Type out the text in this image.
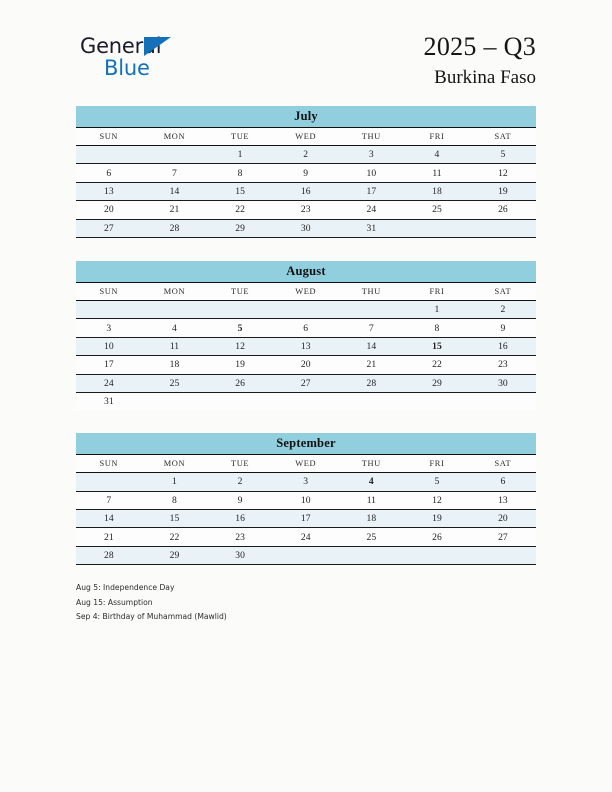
General
Blue
2025 – Q3
Burkina Faso
July						
SUN	MON	TUE	WED	THU	FRI	SAT
		1	2	3	4	5
6	7	8	9	10	11	12
13	14	15	16	17	18	19
20	21	22	23	24	25	26
27	28	29	30	31		
August						
SUN	MON	TUE	WED	THU	FRI	SAT
					1	2
3	4	5	6	7	8	9
10	11	12	13	14	15	16
17	18	19	20	21	22	23
24	25	26	27	28	29	30
31						
September						
SUN	MON	TUE	WED	THU	FRI	SAT
	1	2	3	4	5	6
7	8	9	10	11	12	13
14	15	16	17	18	19	20
21	22	23	24	25	26	27
28	29	30				
Aug 5: Independence Day
Aug 15: Assumption
Sep 4: Birthday of Muhammad (Mawlid)
